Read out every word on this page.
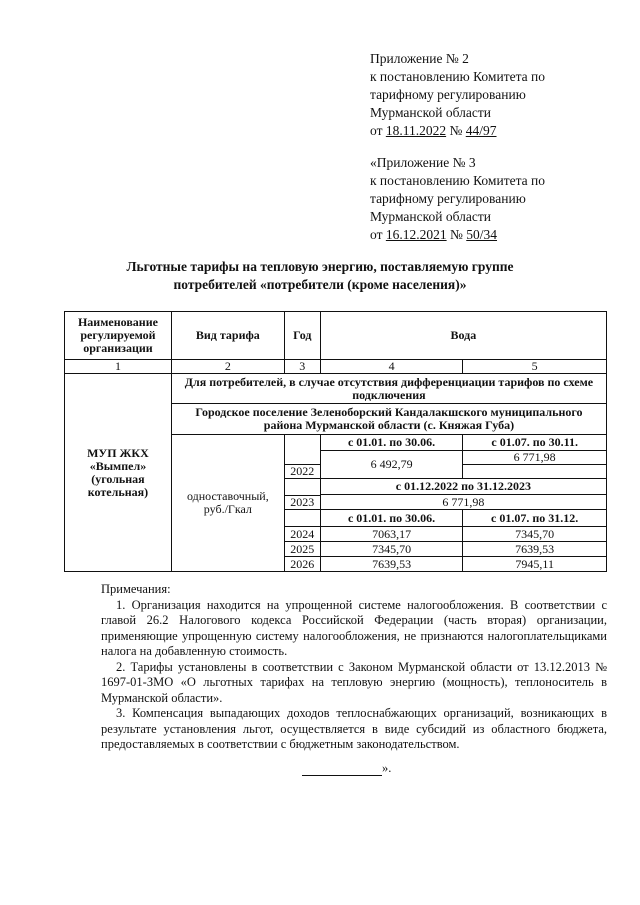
Приложение № 2
к постановлению Комитета по
тарифному регулированию
Мурманской области
от 18.11.2022 № 44/97
«Приложение № 3
к постановлению Комитета по
тарифному регулированию
Мурманской области
от 16.12.2021 № 50/34
Льготные тарифы на тепловую энергию, поставляемую группе
потребителей «потребители (кроме населения)»
Наименование регулируемой организации	Вид тарифа	Год	Вода	
1	2	3	4	5
МУП ЖКХ «Вымпел» (угольная котельная)	Для потребителей, в случае отсутствия дифференциации тарифов по схеме подключения			
	Городское поселение Зеленоборский Кандалакшского муниципального района Мурманской области (с. Княжая Губа)			
	одноставочный, руб./Гкал		с 01.01. по 30.06.	с 01.07. по 30.11.
			6 492,79	6 771,98
		2022		
			с 01.12.2022 по 31.12.2023	
			6 771,98	
		2023		
			с 01.01. по 30.06.	с 01.07. по 31.12.
		2024	7063,17	7345,70
		2025	7345,70	7639,53
		2026	7639,53	7945,11

Примечания:

1. Организация находится на упрощенной системе налогообложения. В соответствии с главой 26.2 Налогового кодекса Российской Федерации (часть вторая) организации, применяющие упрощенную систему налогообложения, не признаются налогоплательщиками налога на добавленную стоимость.

2. Тарифы установлены в соответствии с Законом Мурманской области от 13.12.2013 № 1697-01-ЗМО «О льготных тарифах на тепловую энергию (мощность), теплоноситель в Мурманской области».

3. Компенсация выпадающих доходов теплоснабжающих организаций, возникающих в результате установления льгот, осуществляется в виде субсидий из областного бюджета, предоставляемых в соответствии с бюджетным законодательством.

».
